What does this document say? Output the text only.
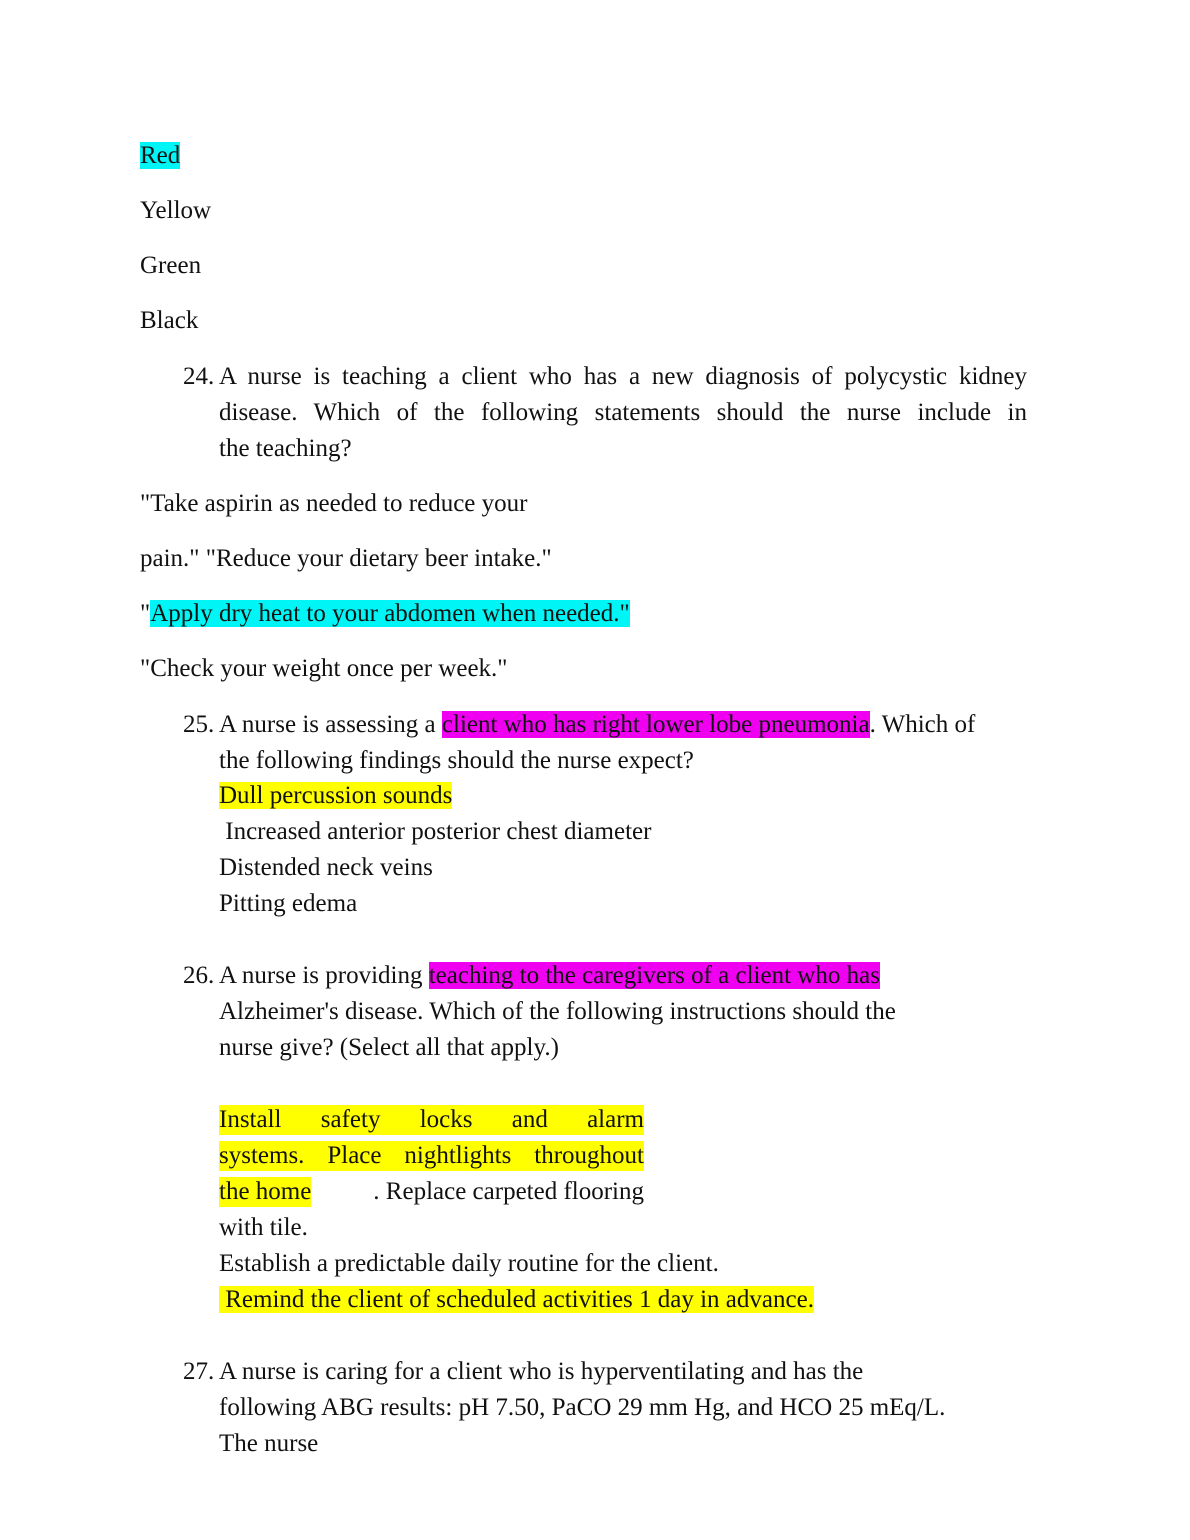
Red
Yellow
Green
Black
24. A nurse is teaching a client who has a new diagnosis of polycystic kidney
disease. Which of the following statements should the nurse include in
the teaching?
"Take aspirin as needed to reduce your
pain." "Reduce your dietary beer intake."
"Apply dry heat to your abdomen when needed."
"Check your weight once per week."
25. A nurse is assessing a client who has right lower lobe pneumonia. Which of
the following findings should the nurse expect?
Dull percussion sounds
Increased anterior posterior chest diameter
Distended neck veins
Pitting edema
26. A nurse is providing teaching to the caregivers of a client who has
Alzheimer's disease. Which of the following instructions should the
nurse give? (Select all that apply.)
Install safety locks and alarm
systems. Place nightlights throughout
the home . Replace carpeted flooring
with tile.
Establish a predictable daily routine for the client.
Remind the client of scheduled activities 1 day in advance.
27. A nurse is caring for a client who is hyperventilating and has the
following ABG results: pH 7.50, PaCO 29 mm Hg, and HCO 25 mEq/L.
The nurse
